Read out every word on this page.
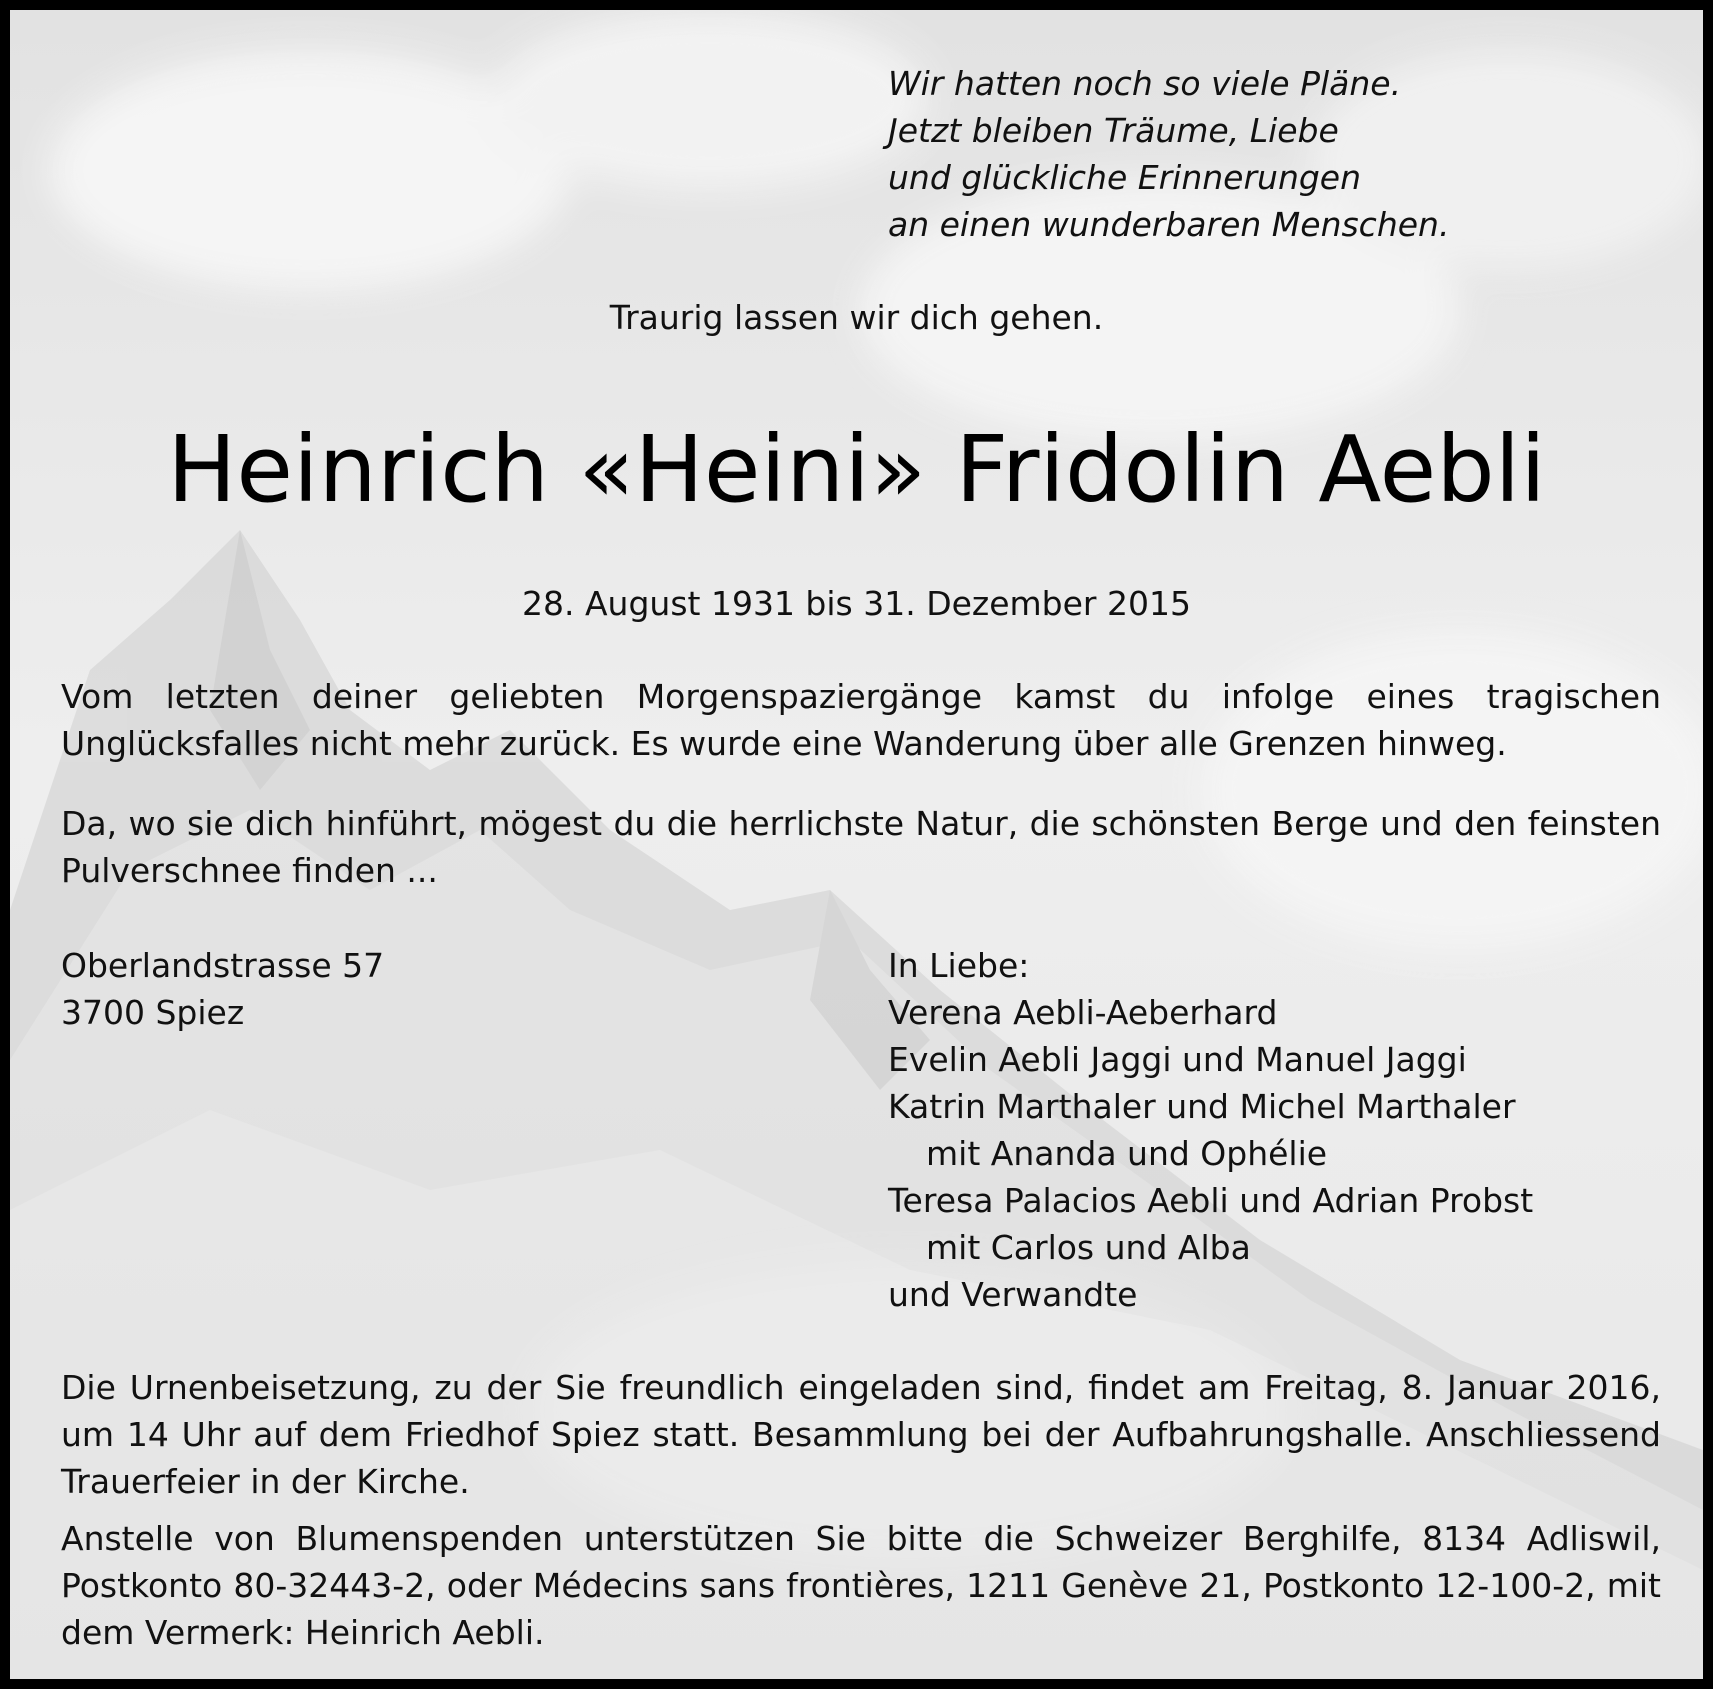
Wir hatten noch so viele Pläne.
Jetzt bleiben Träume, Liebe
und glückliche Erinnerungen
an einen wunderbaren Menschen.
Traurig lassen wir dich gehen.
Heinrich «Heini» Fridolin Aebli
28. August 1931 bis 31. Dezember 2015

Vom letzten deiner geliebten Morgenspaziergänge kamst du infolge eines tragischen Unglücksfalles nicht mehr zurück. Es wurde eine Wanderung über alle Grenzen hinweg.

Da, wo sie dich hinführt, mögest du die herrlichste Natur, die schönsten Berge und den feinsten Pulverschnee finden ...

Oberlandstrasse 57
3700 Spiez
In Liebe:
Verena Aebli-Aeberhard
Evelin Aebli Jaggi und Manuel Jaggi
Katrin Marthaler und Michel Marthaler
mit Ananda und Ophélie
Teresa Palacios Aebli und Adrian Probst
mit Carlos und Alba
und Verwandte

Die Urnenbeisetzung, zu der Sie freundlich eingeladen sind, findet am Freitag, 8. Januar 2016, um 14 Uhr auf dem Friedhof Spiez statt. Besammlung bei der Aufbahrungshalle. Anschliessend Trauerfeier in der Kirche.

Anstelle von Blumenspenden unterstützen Sie bitte die Schweizer Berghilfe, 8134 Adliswil, Postkonto 80-32443-2, oder Médecins sans frontières, 1211 Genève 21, Postkonto 12-100-2, mit dem Vermerk: Heinrich Aebli.
